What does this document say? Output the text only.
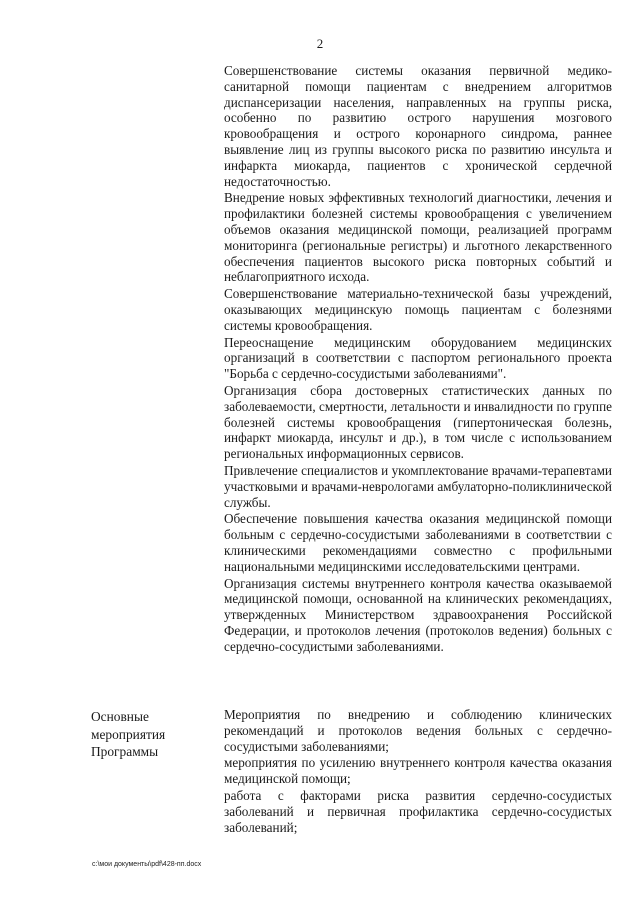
2

Совершенствование системы оказания первичной медико-санитарной помощи пациентам с внедрением алгоритмов диспансеризации населения, направленных на группы риска, особенно по развитию острого нарушения мозгового кровообращения и острого коронарного синдрома, раннее выявление лиц из группы высокого риска по развитию инсульта и инфаркта миокарда, пациентов с хронической сердечной недостаточностью.

Внедрение новых эффективных технологий диагностики, лечения и профилактики болезней системы кровообращения с увеличением объемов оказания медицинской помощи, реализацией программ мониторинга (региональные регистры) и льготного лекарственного обеспечения пациентов высокого риска повторных событий и неблагоприятного исхода.

Совершенствование материально-технической базы учреждений, оказывающих медицинскую помощь пациентам с болезнями системы кровообращения.

Переоснащение медицинским оборудованием медицинских организаций в соответствии с паспортом регионального проекта "Борьба с сердечно-сосудистыми заболеваниями".

Организация сбора достоверных статистических данных по заболеваемости, смертности, летальности и инвалидности по группе болезней системы кровообращения (гипертоническая болезнь, инфаркт миокарда, инсульт и др.), в том числе с использованием региональных информационных сервисов.

Привлечение специалистов и укомплектование врачами-терапевтами участковыми и врачами-неврологами амбулаторно-поликлинической службы.

Обеспечение повышения качества оказания медицинской помощи больным с сердечно-сосудистыми заболеваниями в соответствии с клиническими рекомендациями совместно с профильными национальными медицинскими исследовательскими центрами.

Организация системы внутреннего контроля качества оказываемой медицинской помощи, основанной на клинических рекомендациях, утвержденных Министерством здравоохранения Российской Федерации, и протоколов лечения (протоколов ведения) больных с сердечно-сосудистыми заболеваниями.

Основные
мероприятия
Программы

Мероприятия по внедрению и соблюдению клинических рекомендаций и протоколов ведения больных с сердечно-сосудистыми заболеваниями;

мероприятия по усилению внутреннего контроля качества оказания медицинской помощи;

работа с факторами риска развития сердечно-сосудистых заболеваний и первичная профилактика сердечно-сосудистых заболеваний;

c:\мои документы\pdf\428-пп.docx
